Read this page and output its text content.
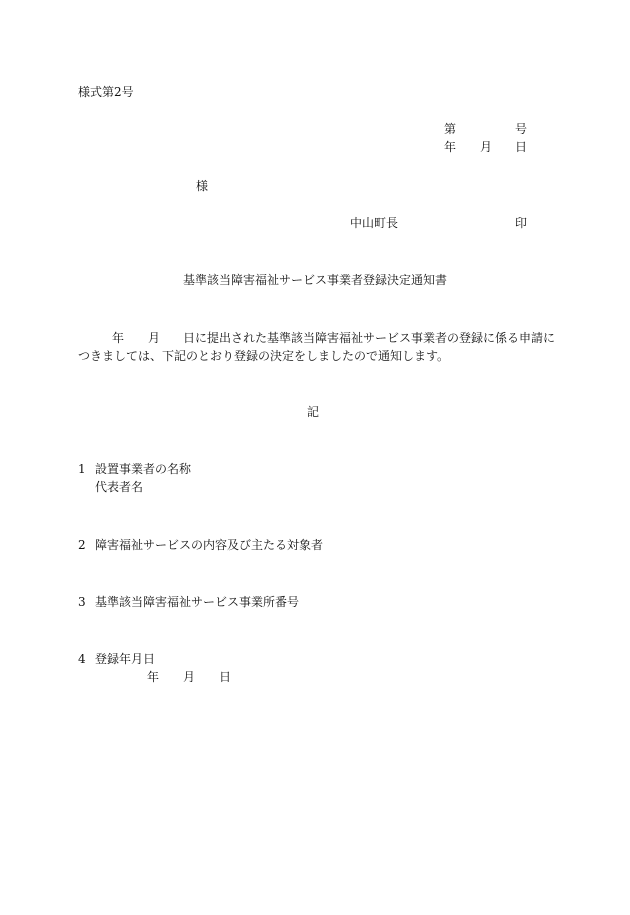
様式第2号

第	号
年 月 日
様
中山町長	印
基準該当障害福祉サービス事業者登録決定通知書
年 月 日に提出された基準該当障害福祉サービス事業者の登録に係る申請に
つきましては、下記のとおり登録の決定をしましたので通知します。
記
1 設置事業者の名称
代表者名
2 障害福祉サービスの内容及び主たる対象者
3 基準該当障害福祉サービス事業所番号
4 登録年月日
年 月 日
